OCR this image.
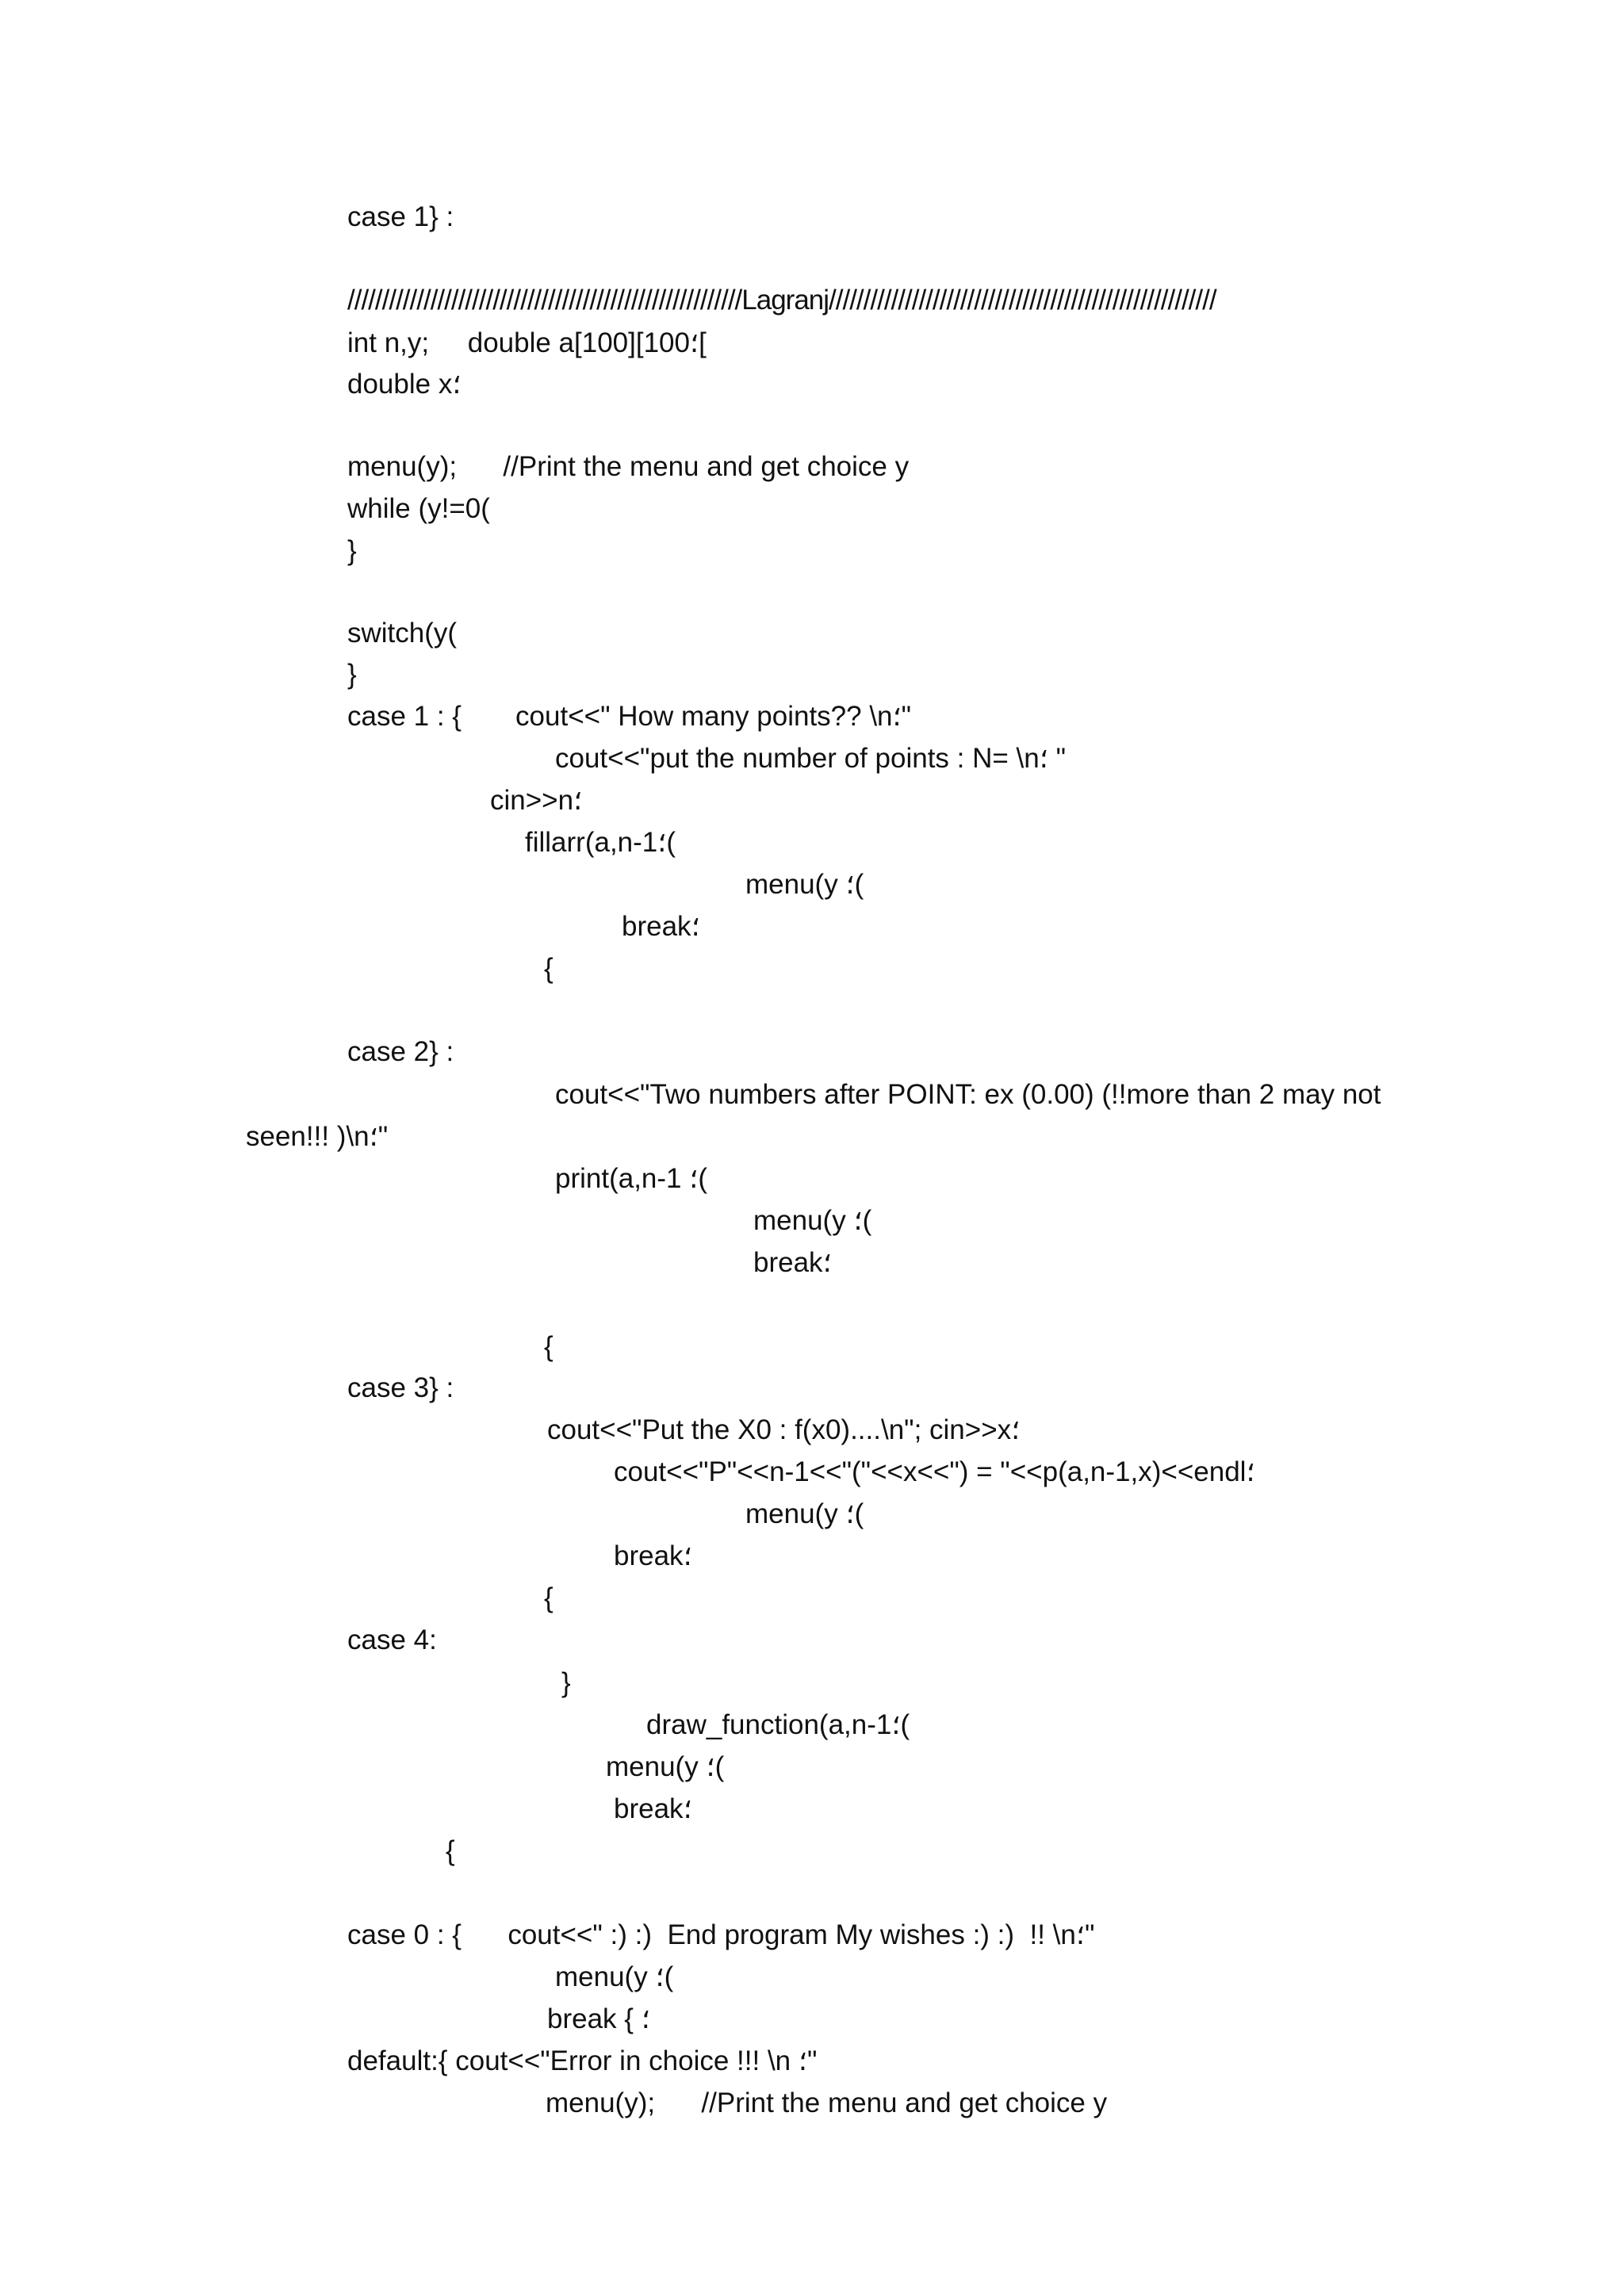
case 1} :

/////////////////////////////////////////////////////////Lagranj////////////////////////////////////////////////////////

int n,y;     double a[100][100؛[

double x؛

menu(y);      //Print the menu and get choice y

while (y!=0(

}

switch(y(

}

case 1 : {       cout<<" How many points?? \n؛"

cout<<"put the number of points : N= \n؛ "

cin>>n؛

fillarr(a,n-1؛(

menu(y ؛(

break؛

{

case 2} :

cout<<"Two numbers after POINT: ex (0.00) (!!more than 2 may not

seen!!! )\n؛"

print(a,n-1 ؛(

menu(y ؛(

break؛

{

case 3} :

cout<<"Put the X0 : f(x0)....\n"; cin>>x؛

cout<<"P"<<n-1<<"("<<x<<") = "<<p(a,n-1,x)<<endl؛

menu(y ؛(

break؛

{

case 4:

}

draw_function(a,n-1؛(

menu(y ؛(

break؛

{

case 0 : {      cout<<" :) :)  End program My wishes :) :)  !! \n؛"

menu(y ؛(

break { ؛

default:{ cout<<"Error in choice !!! \n ؛"

menu(y);      //Print the menu and get choice y
